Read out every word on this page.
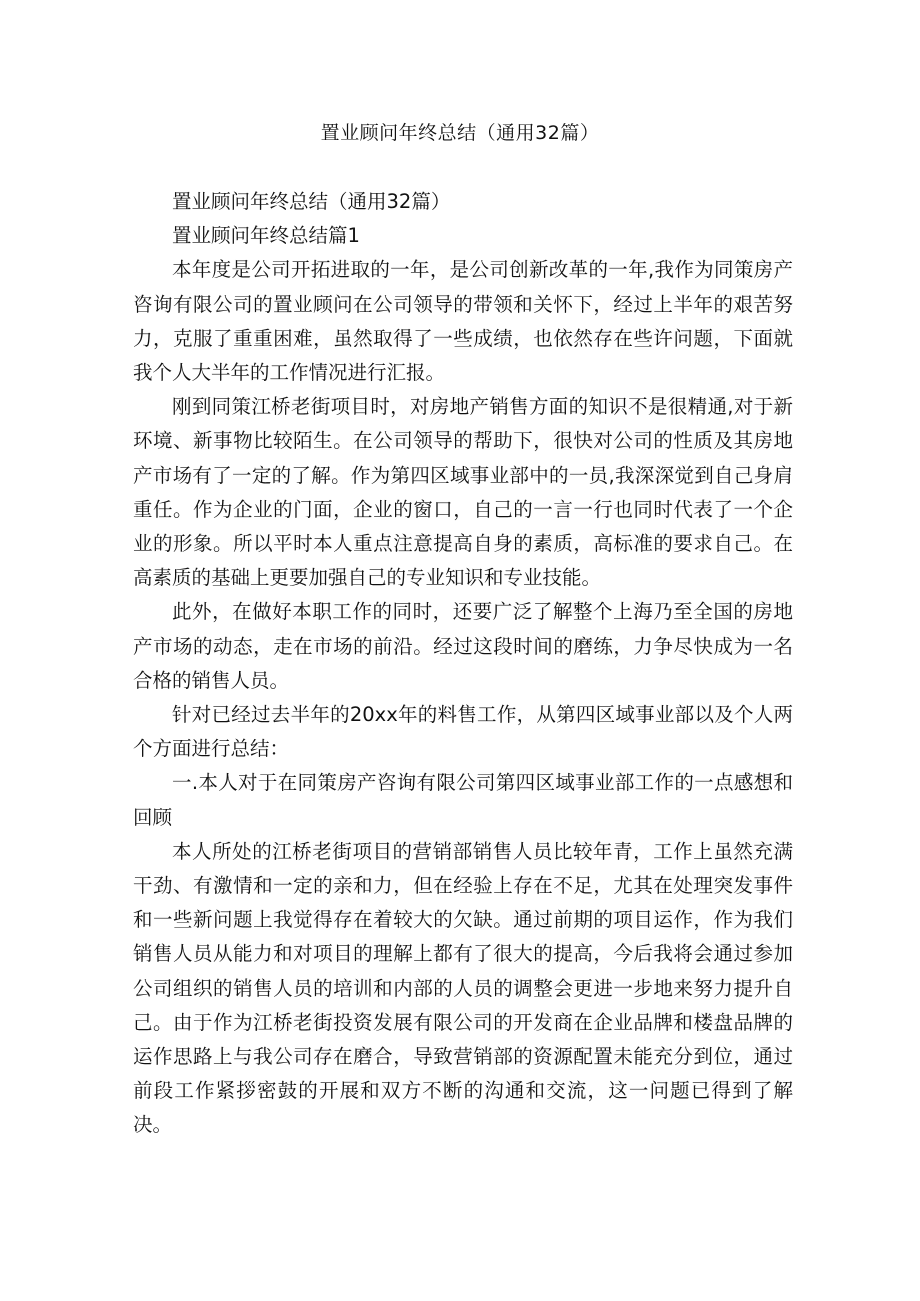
置业顾问年终总结（通用32篇）

置业顾问年终总结（通用32篇）

置业顾问年终总结篇1

本年度是公司开拓进取的一年，是公司创新改革的一年,我作为同策房产咨询有限公司的置业顾问在公司领导的带领和关怀下，经过上半年的艰苦努力，克服了重重困难，虽然取得了一些成绩，也依然存在些许问题，下面就我个人大半年的工作情况进行汇报。

刚到同策江桥老街项目时，对房地产销售方面的知识不是很精通,对于新环境、新事物比较陌生。在公司领导的帮助下，很快对公司的性质及其房地产市场有了一定的了解。作为第四区域事业部中的一员,我深深觉到自己身肩重任。作为企业的门面，企业的窗口，自己的一言一行也同时代表了一个企业的形象。所以平时本人重点注意提高自身的素质，高标准的要求自己。在高素质的基础上更要加强自己的专业知识和专业技能。

此外，在做好本职工作的同时，还要广泛了解整个上海乃至全国的房地产市场的动态，走在市场的前沿。经过这段时间的磨练，力争尽快成为一名合格的销售人员。

针对已经过去半年的20xx年的料售工作，从第四区域事业部以及个人两个方面进行总结：

一.本人对于在同策房产咨询有限公司第四区域事业部工作的一点感想和回顾

本人所处的江桥老街项目的营销部销售人员比较年青，工作上虽然充满干劲、有激情和一定的亲和力，但在经验上存在不足，尤其在处理突发事件和一些新问题上我觉得存在着较大的欠缺。通过前期的项目运作，作为我们销售人员从能力和对项目的理解上都有了很大的提高，今后我将会通过参加公司组织的销售人员的培训和内部的人员的调整会更进一步地来努力提升自己。由于作为江桥老街投资发展有限公司的开发商在企业品牌和楼盘品牌的运作思路上与我公司存在磨合，导致营销部的资源配置未能充分到位，通过前段工作紧拶密鼓的开展和双方不断的沟通和交流，这一问题已得到了解决。
